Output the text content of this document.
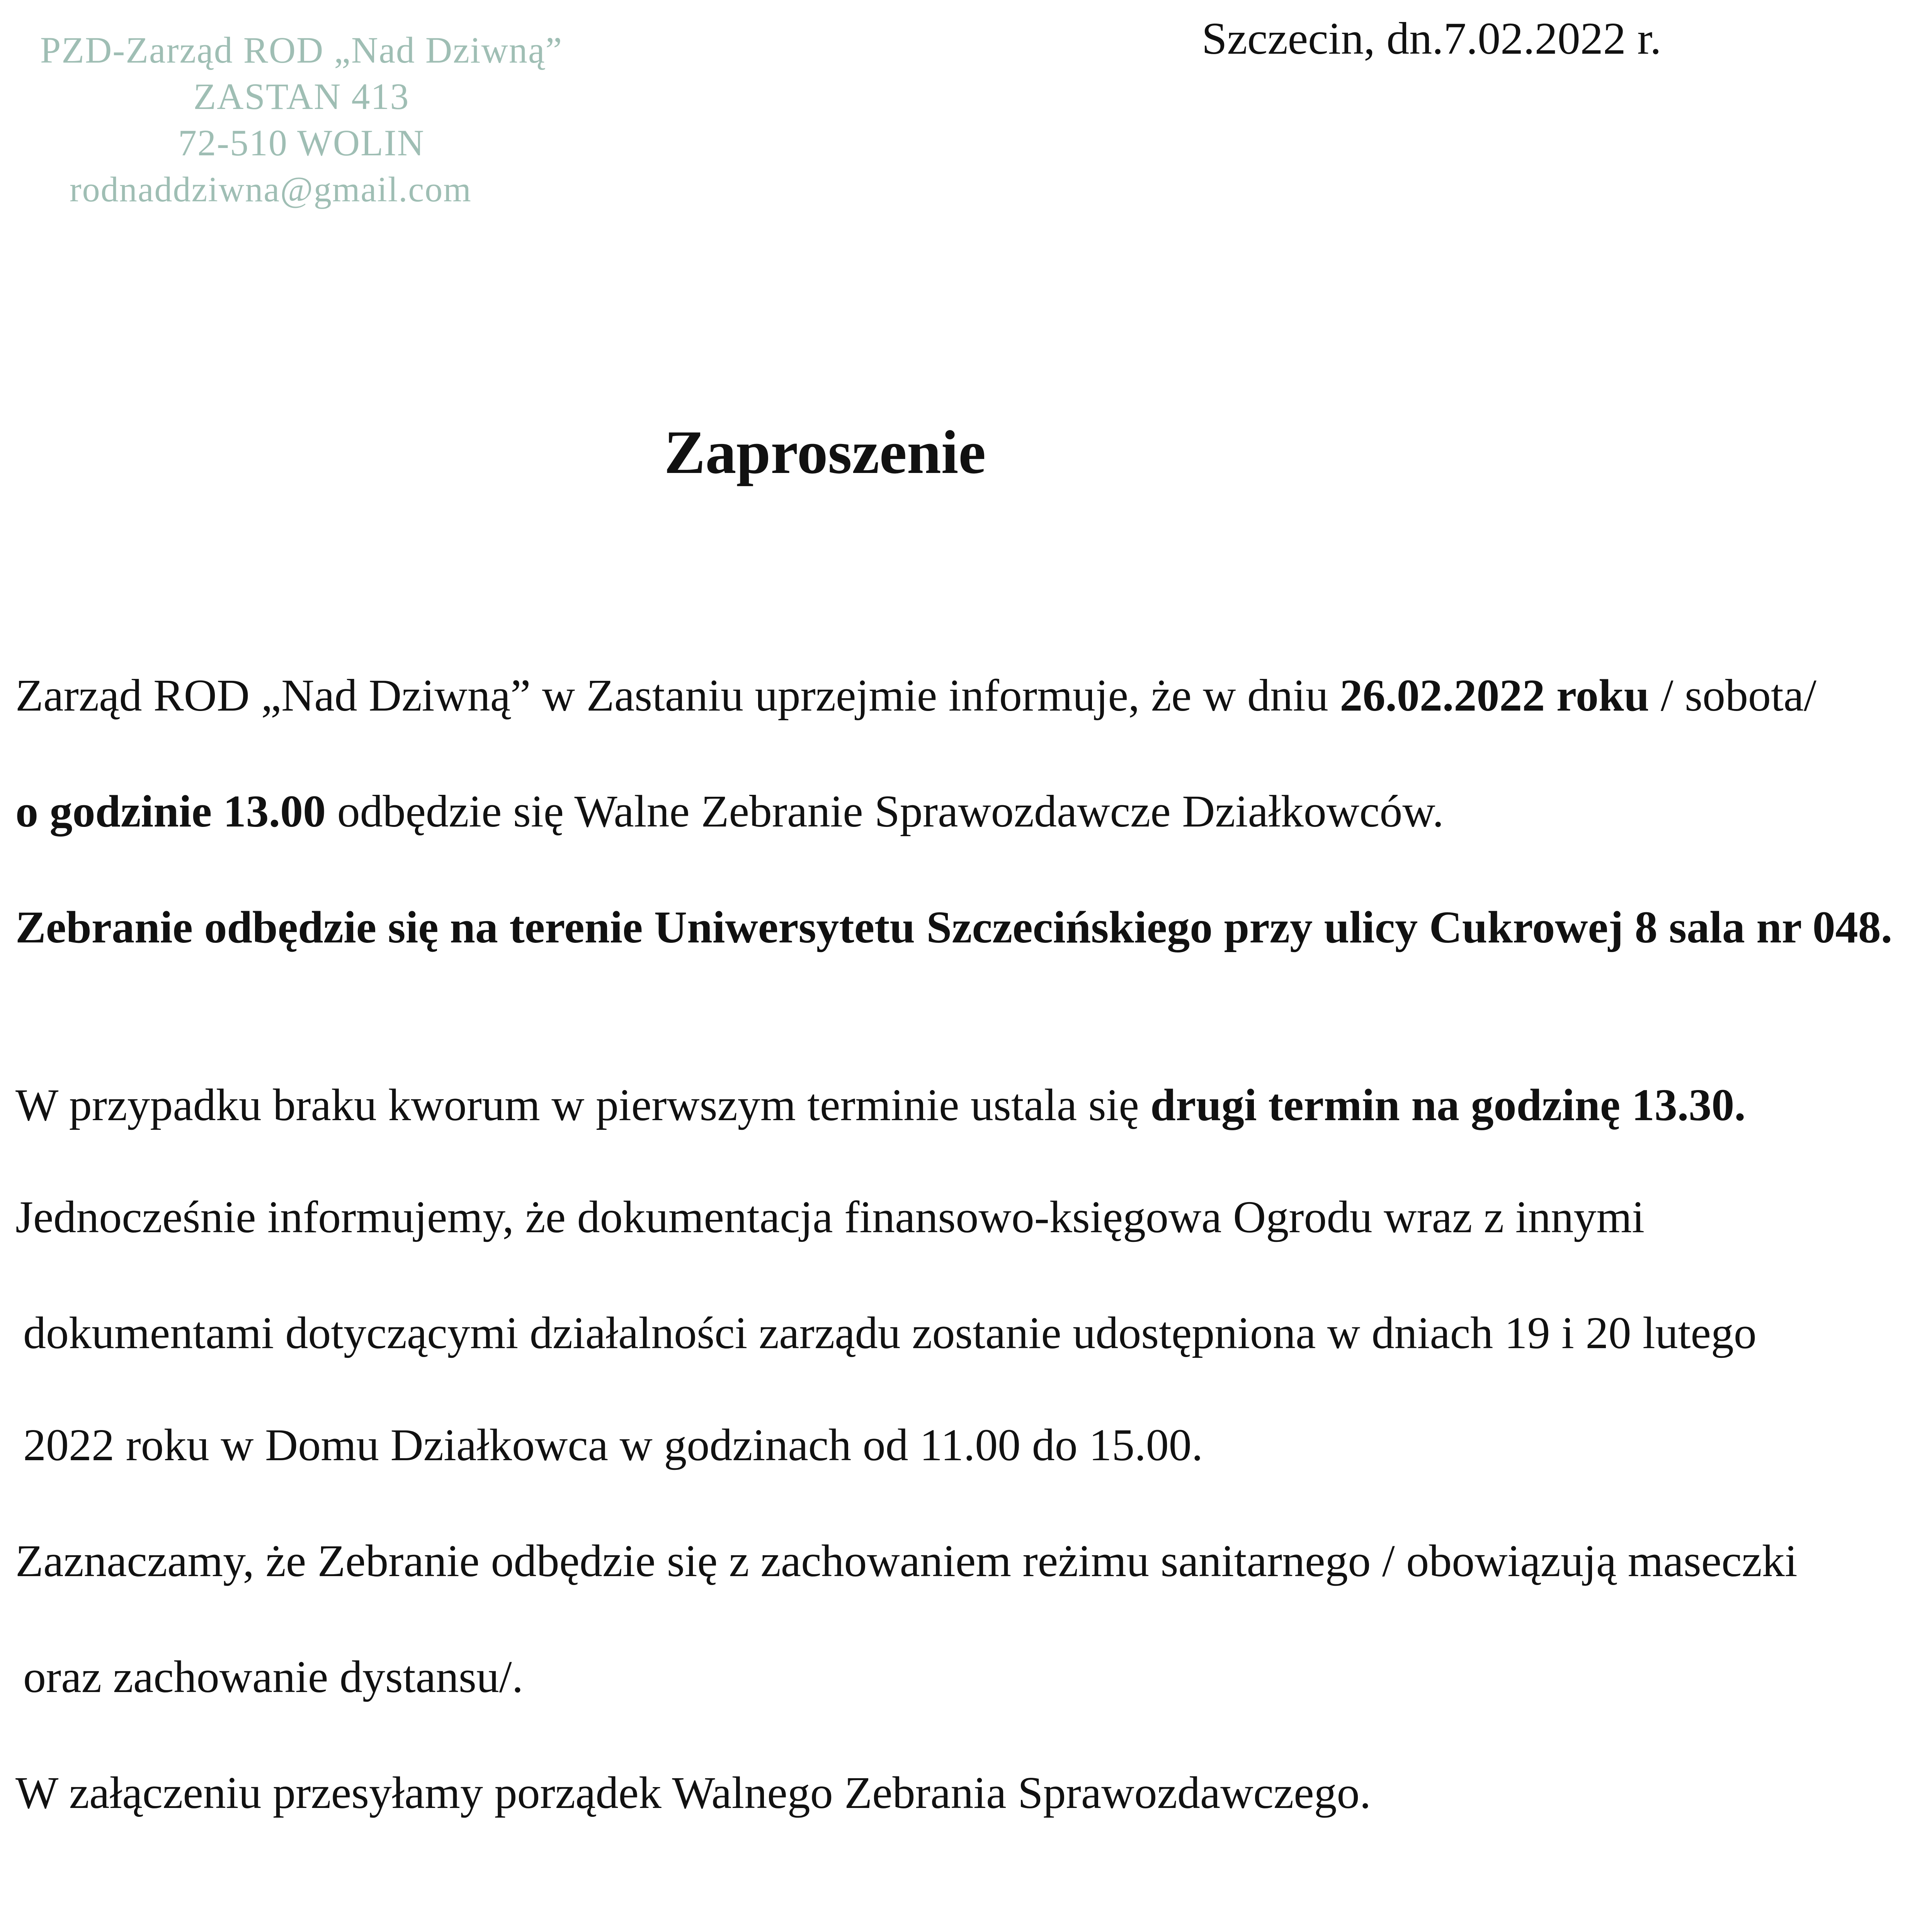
PZD-Zarząd ROD „Nad Dziwną”
ZASTAN 413
72-510 WOLIN
rodnaddziwna@gmail.com
Szczecin, dn.7.02.2022 r.
Zaproszenie
Zarząd ROD „Nad Dziwną” w Zastaniu uprzejmie informuje, że w dniu 26.02.2022 roku / sobota/
o godzinie 13.00 odbędzie się Walne Zebranie Sprawozdawcze Działkowców.
Zebranie odbędzie się na terenie Uniwersytetu Szczecińskiego przy ulicy Cukrowej 8 sala nr 048.
W przypadku braku kworum w pierwszym terminie ustala się drugi termin na godzinę 13.30.
Jednocześnie informujemy, że dokumentacja finansowo-księgowa Ogrodu wraz z innymi
dokumentami dotyczącymi działalności zarządu zostanie udostępniona w dniach 19 i 20 lutego
2022 roku w Domu Działkowca w godzinach od 11.00 do 15.00.
Zaznaczamy, że Zebranie odbędzie się z zachowaniem reżimu sanitarnego / obowiązują maseczki
oraz zachowanie dystansu/.
W załączeniu przesyłamy porządek Walnego Zebrania Sprawozdawczego.
